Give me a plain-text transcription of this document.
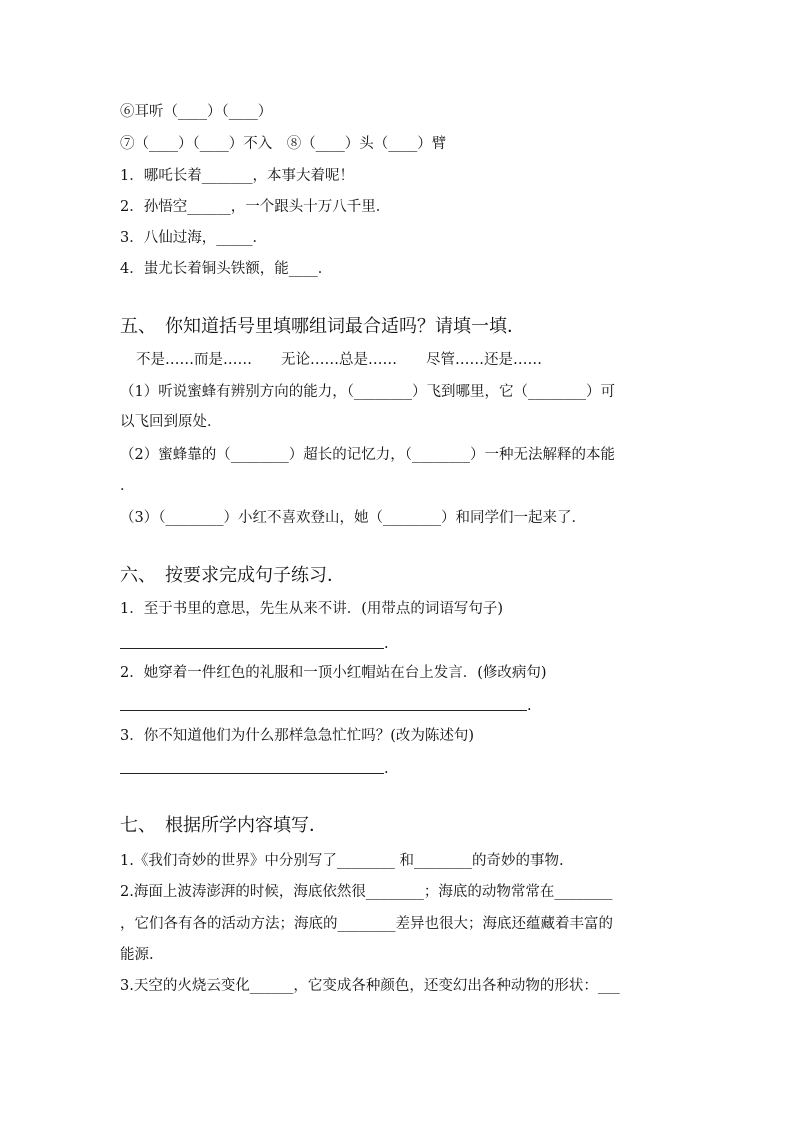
⑥耳听（____）（____）
⑦（____）（____）不入　⑧（____）头（____）臂
1．哪吒长着_______，本事大着呢！
2．孙悟空______，一个跟头十万八千里．
3．八仙过海，_____．
4．蚩尤长着铜头铁额，能____．
五、　你知道括号里填哪组词最合适吗？请填一填．
不是……而是……　　无论……总是……　　尽管……还是……
（1）听说蜜蜂有辨别方向的能力，（________）飞到哪里，它（________）可
以飞回到原处．
（2）蜜蜂靠的（________）超长的记忆力，（________）一种无法解释的本能
．
（3）（________）小红不喜欢登山，她（________）和同学们一起来了．
六、　按要求完成句子练习．
1．至于书里的意思，先生从来不讲．(用带点的词语写句子)
.
2．她穿着一件红色的礼服和一顶小红帽站在台上发言．(修改病句)
.
3．你不知道他们为什么那样急急忙忙吗？(改为陈述句)
.
七、　根据所学内容填写．
1.《我们奇妙的世界》中分别写了________ 和________的奇妙的事物.
2.海面上波涛澎湃的时候，海底依然很________；海底的动物常常在________
，它们各有各的活动方法；海底的________差异也很大；海底还蕴藏着丰富的
能源.
3.天空的火烧云变化______，它变成各种颜色，还变幻出各种动物的形状：___
